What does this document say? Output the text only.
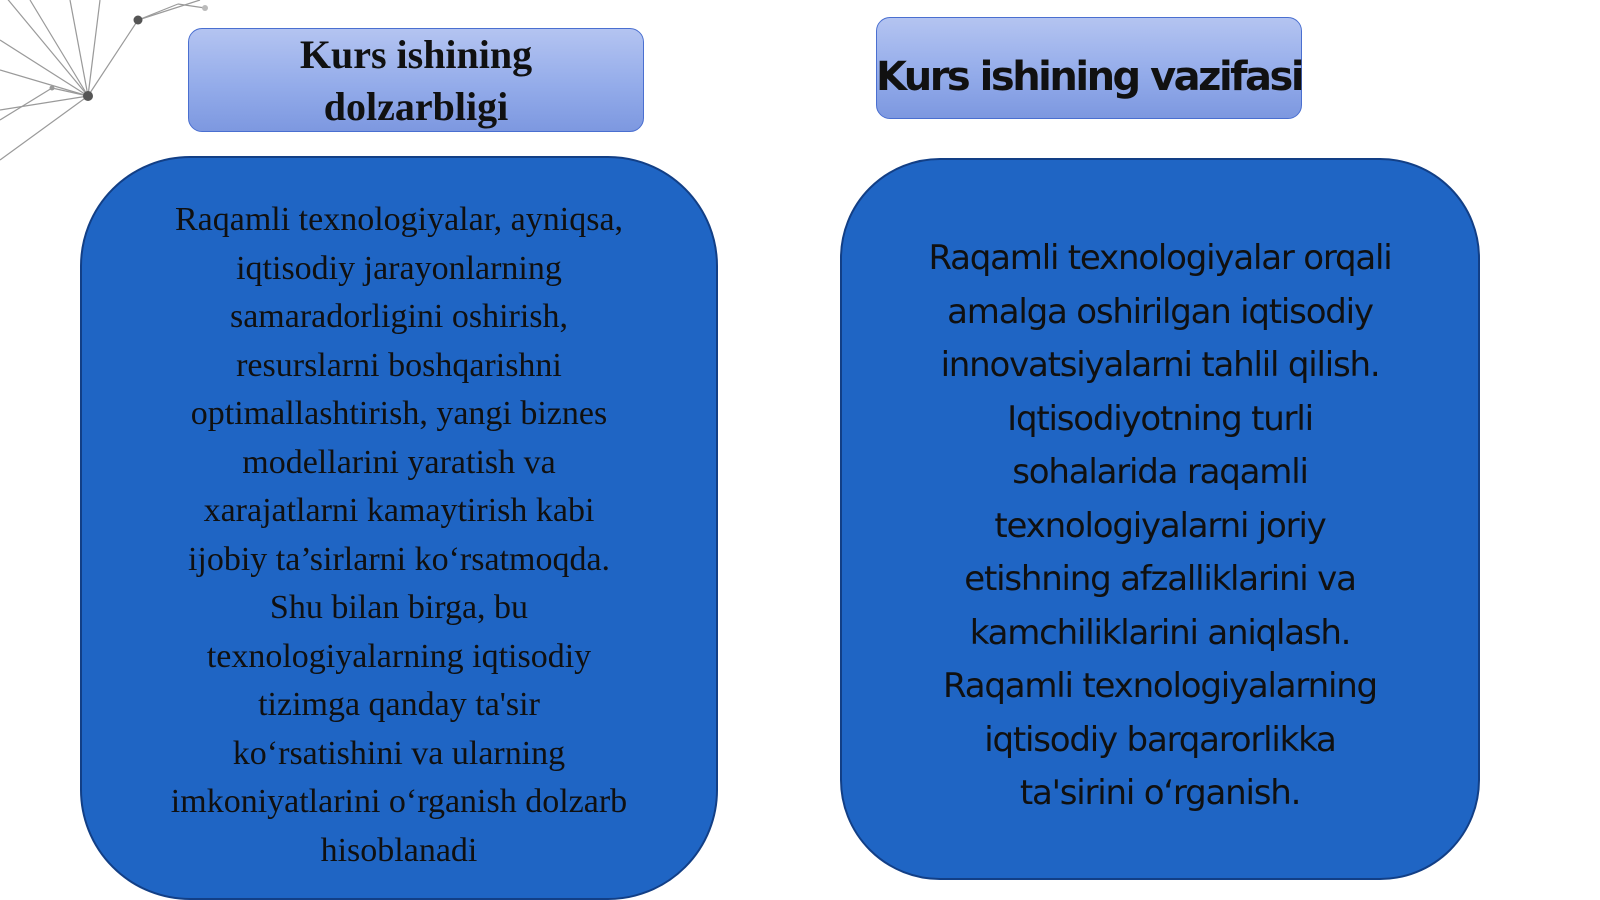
Kurs ishining
dolzarbligi
Kurs ishining vazifasi
Raqamli texnologiyalar, ayniqsa,
iqtisodiy jarayonlarning
samaradorligini oshirish,
resurslarni boshqarishni
optimallashtirish, yangi biznes
modellarini yaratish va
xarajatlarni kamaytirish kabi
ijobiy ta’sirlarni koʻrsatmoqda.
Shu bilan birga, bu
texnologiyalarning iqtisodiy
tizimga qanday ta'sir
koʻrsatishini va ularning
imkoniyatlarini oʻrganish dolzarb
hisoblanadi
Raqamli texnologiyalar orqali
amalga oshirilgan iqtisodiy
innovatsiyalarni tahlil qilish.
Iqtisodiyotning turli
sohalarida raqamli
texnologiyalarni joriy
etishning afzalliklarini va
kamchiliklarini aniqlash.
Raqamli texnologiyalarning
iqtisodiy barqarorlikka
ta'sirini oʻrganish.
